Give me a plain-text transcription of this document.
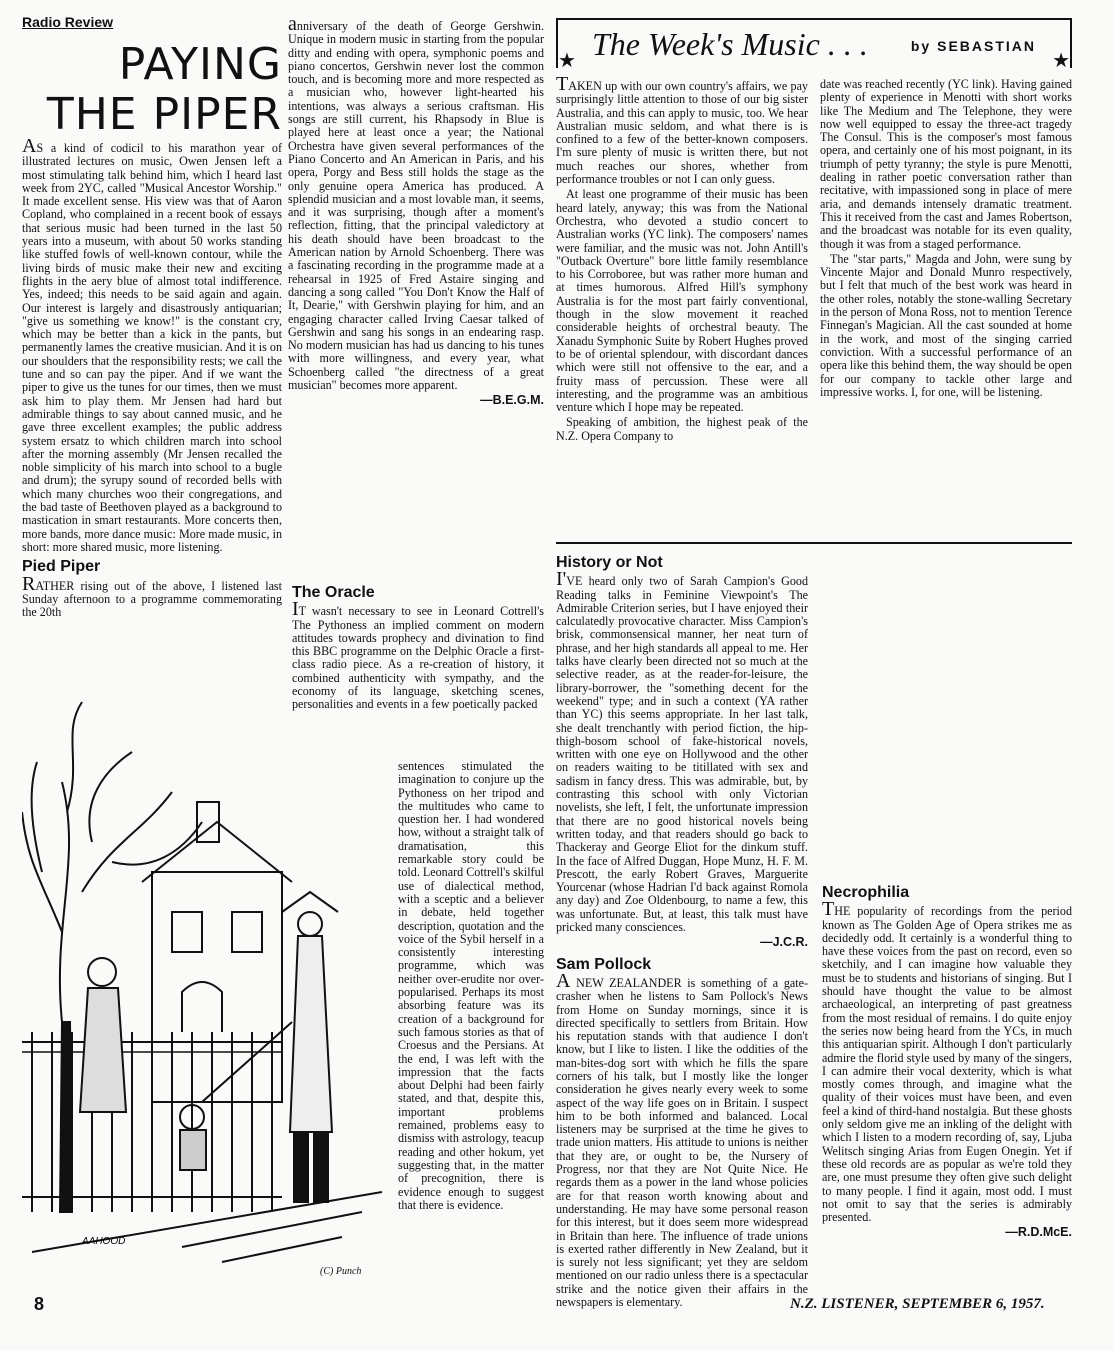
Radio Review
PAYING THE PIPER

AS a kind of codicil to his marathon year of illustrated lectures on music, Owen Jensen left a most stimulating talk behind him, which I heard last week from 2YC, called "Musical Ancestor Worship." It made excellent sense. His view was that of Aaron Copland, who complained in a recent book of essays that serious music had been turned in the last 50 years into a museum, with about 50 works standing like stuffed fowls of well-known contour, while the living birds of music make their new and exciting flights in the aery blue of almost total indifference. Yes, indeed; this needs to be said again and again. Our interest is largely and disastrously antiquarian; "give us something we know!" is the constant cry, which may be better than a kick in the pants, but permanently lames the creative musician. And it is on our shoulders that the responsibility rests; we call the tune and so can pay the piper. And if we want the piper to give us the tunes for our times, then we must ask him to play them. Mr Jensen had hard but admirable things to say about canned music, and he gave three excellent examples; the public address system ersatz to which children march into school after the morning assembly (Mr Jensen recalled the noble simplicity of his march into school to a bugle and drum); the syrupy sound of recorded bells with which many churches woo their congregations, and the bad taste of Beethoven played as a background to mastication in smart restaurants. More concerts then, more bands, more dance music: More made music, in short: more shared music, more listening.

Pied Piper

RATHER rising out of the above, I listened last Sunday afternoon to a programme commemorating the 20th

anniversary of the death of George Gershwin. Unique in modern music in starting from the popular ditty and ending with opera, symphonic poems and piano concertos, Gershwin never lost the common touch, and is becoming more and more respected as a musician who, however light-hearted his intentions, was always a serious craftsman. His songs are still current, his Rhapsody in Blue is played here at least once a year; the National Orchestra have given several performances of the Piano Concerto and An American in Paris, and his opera, Porgy and Bess still holds the stage as the only genuine opera America has produced. A splendid musician and a most lovable man, it seems, and it was surprising, though after a moment's reflection, fitting, that the principal valedictory at his death should have been broadcast to the American nation by Arnold Schoenberg. There was a fascinating recording in the programme made at a rehearsal in 1925 of Fred Astaire singing and dancing a song called "You Don't Know the Half of It, Dearie," with Gershwin playing for him, and an engaging character called Irving Caesar talked of Gershwin and sang his songs in an endearing rasp. No modern musician has had us dancing to his tunes with more willingness, and every year, what Schoenberg called "the directness of a great musician" becomes more apparent.

—B.E.G.M.
The Oracle

IT wasn't necessary to see in Leonard Cottrell's The Pythoness an implied comment on modern attitudes towards prophecy and divination to find this BBC programme on the Delphic Oracle a first-class radio piece. As a re-creation of history, it combined authenticity with sympathy, and the economy of its language, sketching scenes, personalities and events in a few poetically packed

sentences stimulated the imagination to conjure up the Pythoness on her tripod and the multitudes who came to question her. I had wondered how, without a straight talk of dramatisation, this remarkable story could be told. Leonard Cottrell's skilful use of dialectical method, with a sceptic and a believer in debate, held together description, quotation and the voice of the Sybil herself in a consistently interesting programme, which was neither over-erudite nor over-popularised. Perhaps its most absorbing feature was its creation of a background for such famous stories as that of Croesus and the Persians. At the end, I was left with the impression that the facts about Delphi had been fairly stated, and that, despite this, important problems remained, problems easy to dismiss with astrology, teacup reading and other hokum, yet suggesting that, in the matter of precognition, there is evidence enough to suggest that there is evidence.

AAHOOD
(C) Punch
★	★
The Week's Music . . .	by SEBASTIAN

TAKEN up with our own country's affairs, we pay surprisingly little attention to those of our big sister Australia, and this can apply to music, too. We hear Australian music seldom, and what there is is confined to a few of the better-known composers. I'm sure plenty of music is written there, but not much reaches our shores, whether from performance troubles or not I can only guess.

At least one programme of their music has been heard lately, anyway; this was from the National Orchestra, who devoted a studio concert to Australian works (YC link). The composers' names were familiar, and the music was not. John Antill's "Outback Overture" bore little family resemblance to his Corroboree, but was rather more human and at times humorous. Alfred Hill's symphony Australia is for the most part fairly conventional, though in the slow movement it reached considerable heights of orchestral beauty. The Xanadu Symphonic Suite by Robert Hughes proved to be of oriental splendour, with discordant dances which were still not offensive to the ear, and a fruity mass of percussion. These were all interesting, and the programme was an ambitious venture which I hope may be repeated.

Speaking of ambition, the highest peak of the N.Z. Opera Company to

date was reached recently (YC link). Having gained plenty of experience in Menotti with short works like The Medium and The Telephone, they were now well equipped to essay the three-act tragedy The Consul. This is the composer's most famous opera, and certainly one of his most poignant, in its triumph of petty tyranny; the style is pure Menotti, dealing in rather poetic conversation rather than recitative, with impassioned song in place of mere aria, and demands intensely dramatic treatment. This it received from the cast and James Robertson, and the broadcast was notable for its even quality, though it was from a staged performance.

The "star parts," Magda and John, were sung by Vincente Major and Donald Munro respectively, but I felt that much of the best work was heard in the other roles, notably the stone-walling Secretary in the person of Mona Ross, not to mention Terence Finnegan's Magician. All the cast sounded at home in the work, and most of the singing carried conviction. With a successful performance of an opera like this behind them, the way should be open for our company to tackle other large and impressive works. I, for one, will be listening.

History or Not

I'VE heard only two of Sarah Campion's Good Reading talks in Feminine Viewpoint's The Admirable Criterion series, but I have enjoyed their calculatedly provocative character. Miss Campion's brisk, commonsensical manner, her neat turn of phrase, and her high standards all appeal to me. Her talks have clearly been directed not so much at the selective reader, as at the reader-for-leisure, the library-borrower, the "something decent for the weekend" type; and in such a context (YA rather than YC) this seems appropriate. In her last talk, she dealt trenchantly with period fiction, the hip-thigh-bosom school of fake-historical novels, written with one eye on Hollywood and the other on readers waiting to be titillated with sex and sadism in fancy dress. This was admirable, but, by contrasting this school with only Victorian novelists, she left, I felt, the unfortunate impression that there are no good historical novels being written today, and that readers should go back to Thackeray and George Eliot for the dinkum stuff. In the face of Alfred Duggan, Hope Munz, H. F. M. Prescott, the early Robert Graves, Marguerite Yourcenar (whose Hadrian I'd back against Romola any day) and Zoe Oldenbourg, to name a few, this was unfortunate. But, at least, this talk must have pricked many consciences.

—J.C.R.
Sam Pollock

A NEW ZEALANDER is something of a gate-crasher when he listens to Sam Pollock's News from Home on Sunday mornings, since it is directed specifically to settlers from Britain. How his reputation stands with that audience I don't know, but I like to listen. I like the oddities of the man-bites-dog sort with which he fills the spare corners of his talk, but I mostly like the longer consideration he gives nearly every week to some aspect of the way life goes on in Britain. I suspect him to be both informed and balanced. Local listeners may be surprised at the time he gives to trade union matters. His attitude to unions is neither that they are, or ought to be, the Nursery of Progress, nor that they are Not Quite Nice. He regards them as a power in the land whose policies are for that reason worth knowing about and understanding. He may have some personal reason for this interest, but it does seem more widespread in Britain than here. The influence of trade unions is exerted rather differently in New Zealand, but it is surely not less significant; yet they are seldom mentioned on our radio unless there is a spectacular strike and the notice given their affairs in the newspapers is elementary.

Necrophilia

THE popularity of recordings from the period known as The Golden Age of Opera strikes me as decidedly odd. It certainly is a wonderful thing to have these voices from the past on record, even so sketchily, and I can imagine how valuable they must be to students and historians of singing. But I should have thought the value to be almost archaeological, an interpreting of past greatness from the most residual of remains. I do quite enjoy the series now being heard from the YCs, in much this antiquarian spirit. Although I don't particularly admire the florid style used by many of the singers, I can admire their vocal dexterity, which is what mostly comes through, and imagine what the quality of their voices must have been, and even feel a kind of third-hand nostalgia. But these ghosts only seldom give me an inkling of the delight with which I listen to a modern recording of, say, Ljuba Welitsch singing Arias from Eugen Onegin. Yet if these old records are as popular as we're told they are, one must presume they often give such delight to many people. I find it again, most odd. I must not omit to say that the series is admirably presented.

—R.D.McE.
8	N.Z. LISTENER, SEPTEMBER 6, 1957.
